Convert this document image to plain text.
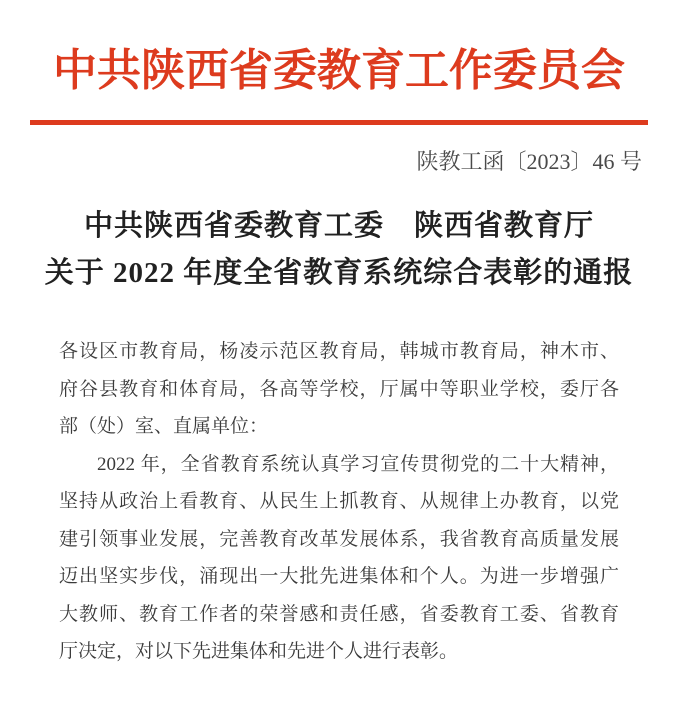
中共陕西省委教育工作委员会
陕教工函〔2023〕46 号
中共陕西省委教育工委　陕西省教育厅
关于 2022 年度全省教育系统综合表彰的通报
各设区市教育局，杨凌示范区教育局，韩城市教育局，神木市、
府谷县教育和体育局，各高等学校，厅属中等职业学校，委厅各
部（处）室、直属单位：
2022 年，全省教育系统认真学习宣传贯彻党的二十大精神，
坚持从政治上看教育、从民生上抓教育、从规律上办教育，以党
建引领事业发展，完善教育改革发展体系，我省教育高质量发展
迈出坚实步伐，涌现出一大批先进集体和个人。为进一步增强广
大教师、教育工作者的荣誉感和责任感，省委教育工委、省教育
厅决定，对以下先进集体和先进个人进行表彰。
